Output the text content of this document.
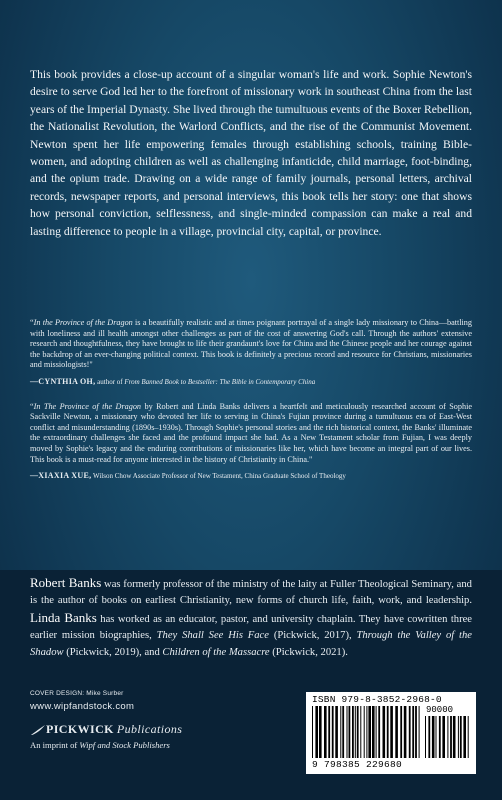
This book provides a close-up account of a singular woman's life and work. Sophie Newton's desire to serve God led her to the forefront of missionary work in southeast China from the last years of the Imperial Dynasty. She lived through the tumultuous events of the Boxer Rebellion, the Nationalist Revolution, the Warlord Conflicts, and the rise of the Communist Movement. Newton spent her life empowering females through establishing schools, training Bible-women, and adopting children as well as challenging infanticide, child marriage, foot-binding, and the opium trade. Drawing on a wide range of family journals, personal letters, archival records, newspaper reports, and personal interviews, this book tells her story: one that shows how personal conviction, selflessness, and single-minded compassion can make a real and lasting difference to people in a village, provincial city, capital, or province.

“In the Province of the Dragon is a beautifully realistic and at times poignant portrayal of a single lady missionary to China—battling with loneliness and ill health amongst other challenges as part of the cost of answering God's call. Through the authors' extensive research and thoughtfulness, they have brought to life their grandaunt's love for China and the Chinese people and her courage against the backdrop of an ever-changing political context. This book is definitely a precious record and resource for Christians, missionaries and missiologists!"

—CYNTHIA OH, author of From Banned Book to Bestseller: The Bible in Contemporary China

“In The Province of the Dragon by Robert and Linda Banks delivers a heartfelt and meticulously researched account of Sophie Sackville Newton, a missionary who devoted her life to serving in China's Fujian province during a tumultuous era of East-West conflict and misunderstanding (1890s–1930s). Through Sophie's personal stories and the rich historical context, the Banks' illuminate the extraordinary challenges she faced and the profound impact she had. As a New Testament scholar from Fujian, I was deeply moved by Sophie's legacy and the enduring contributions of missionaries like her, which have become an integral part of our lives. This book is a must-read for anyone interested in the history of Christianity in China."

—XIAXIA XUE, Wilson Chow Associate Professor of New Testament, China Graduate School of Theology

Robert Banks was formerly professor of the ministry of the laity at Fuller Theological Seminary, and is the author of books on earliest Christianity, new forms of church life, faith, work, and leadership. Linda Banks has worked as an educator, pastor, and university chaplain. They have cowritten three earlier mission biographies, They Shall See His Face (Pickwick, 2017), Through the Valley of the Shadow (Pickwick, 2019), and Children of the Massacre (Pickwick, 2021).

COVER DESIGN: Mike Surber

www.wipfandstock.com

PICKWICK Publications

An imprint of Wipf and Stock Publishers

ISBN 979-8-3852-2968-0
90000
9 798385 229680
